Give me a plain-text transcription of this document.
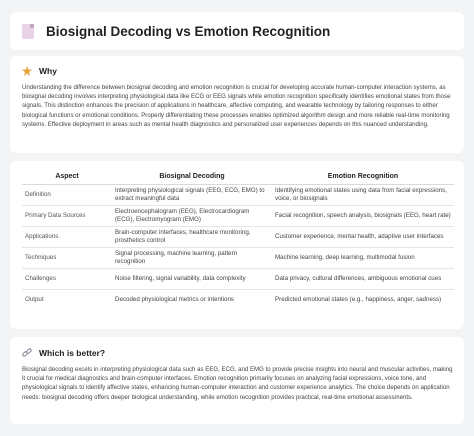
Biosignal Decoding vs Emotion Recognition
Why

Understanding the difference between biosignal decoding and emotion recognition is crucial for developing accurate human-computer interaction systems, as biosignal decoding involves interpreting physiological data like ECG or EEG signals while emotion recognition specifically identifies emotional states from those signals. This distinction enhances the precision of applications in healthcare, affective computing, and wearable technology by tailoring responses to either biological functions or emotional conditions. Properly differentiating these processes enables optimized algorithm design and more reliable real-time monitoring systems. Effective deployment in areas such as mental health diagnostics and personalized user experiences depends on this nuanced understanding.

Aspect	Biosignal Decoding	Emotion Recognition
Definition	Interpreting physiological signals (EEG, ECG, EMG) to extract meaningful data	Identifying emotional states using data from facial expressions, voice, or biosignals
Primary Data Sources	Electroencephalogram (EEG), Electrocardiogram (ECG), Electromyogram (EMG)	Facial recognition, speech analysis, biosignals (EEG, heart rate)
Applications	Brain-computer interfaces, healthcare monitoring, prosthetics control	Customer experience, mental health, adaptive user interfaces
Techniques	Signal processing, machine learning, pattern recognition	Machine learning, deep learning, multimodal fusion
Challenges	Noise filtering, signal variability, data complexity	Data privacy, cultural differences, ambiguous emotional cues
Output	Decoded physiological metrics or intentions	Predicted emotional states (e.g., happiness, anger, sadness)
Which is better?

Biosignal decoding excels in interpreting physiological data such as EEG, ECG, and EMG to provide precise insights into neural and muscular activities, making it crucial for medical diagnostics and brain-computer interfaces. Emotion recognition primarily focuses on analyzing facial expressions, voice tone, and physiological signals to identify affective states, enhancing human-computer interaction and customer experience analytics. The choice depends on application needs: biosignal decoding offers deeper biological understanding, while emotion recognition provides practical, real-time emotional assessments.
